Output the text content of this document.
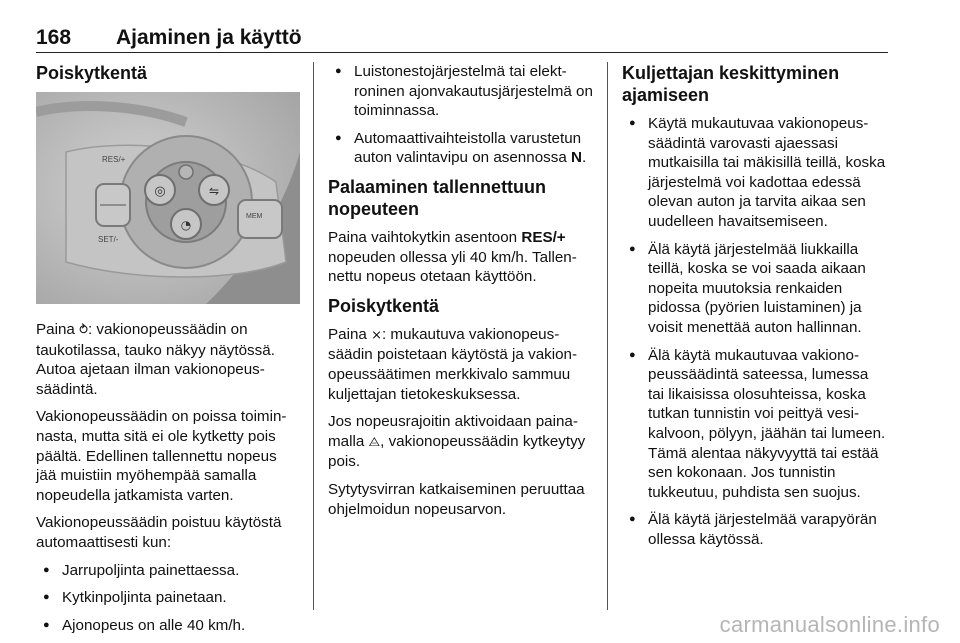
168 Ajaminen ja käyttö
Poiskytkentä
◎	⇋
◔
RES/+
SET/-
MEM

Paina ⥁: vakionopeussäädin on taukotilassa, tauko näkyy näytössä. Autoa ajetaan ilman vakionopeussäädintä.

Vakionopeussäädin on poissa toiminnasta, mutta sitä ei ole kytketty pois päältä. Edellinen tallennettu nopeus jää muistiin myöhempää samalla nopeudella jatkamista varten.

Vakionopeussäädin poistuu käytöstä automaattisesti kun:

● Jarrupoljinta painettaessa.
● Kytkinpoljinta painetaan.
● Ajonopeus on alle 40 km/h.
● Luistonestojärjestelmä tai elektroninen ajonvakautusjärjestelmä on toiminnassa.
● Automaattivaihteistolla varustetun auton valintavipu on asennossa N.
Palaaminen tallennettuun nopeuteen

Paina vaihtokytkin asentoon RES/+ nopeuden ollessa yli 40 km/h. Tallennettu nopeus otetaan käyttöön.

Poiskytkentä

Paina ⨯: mukautuva vakionopeussäädin poistetaan käytöstä ja vakionopeussäätimen merkkivalo sammuu kuljettajan tietokeskuksessa.

Jos nopeusrajoitin aktivoidaan painamalla ⨺, vakionopeussäädin kytkeytyy pois.

Sytytysvirran katkaiseminen peruuttaa ohjelmoidun nopeusarvon.

Kuljettajan keskittyminen ajamiseen
● Käytä mukautuvaa vakionopeussäädintä varovasti ajaessasi mutkaisilla tai mäkisillä teillä, koska järjestelmä voi kadottaa edessä olevan auton ja tarvita aikaa sen uudelleen havaitsemiseen.
● Älä käytä järjestelmää liukkailla teillä, koska se voi saada aikaan nopeita muutoksia renkaiden pidossa (pyörien luistaminen) ja voisit menettää auton hallinnan.
● Älä käytä mukautuvaa vakionopeussäädintä sateessa, lumessa tai likaisissa olosuhteissa, koska tutkan tunnistin voi peittyä vesikalvoon, pölyyn, jäähän tai lumeen. Tämä alentaa näkyvyyttä tai estää sen kokonaan. Jos tunnistin tukkeutuu, puhdista sen suojus.
● Älä käytä järjestelmää varapyörän ollessa käytössä.
carmanualsonline.info
